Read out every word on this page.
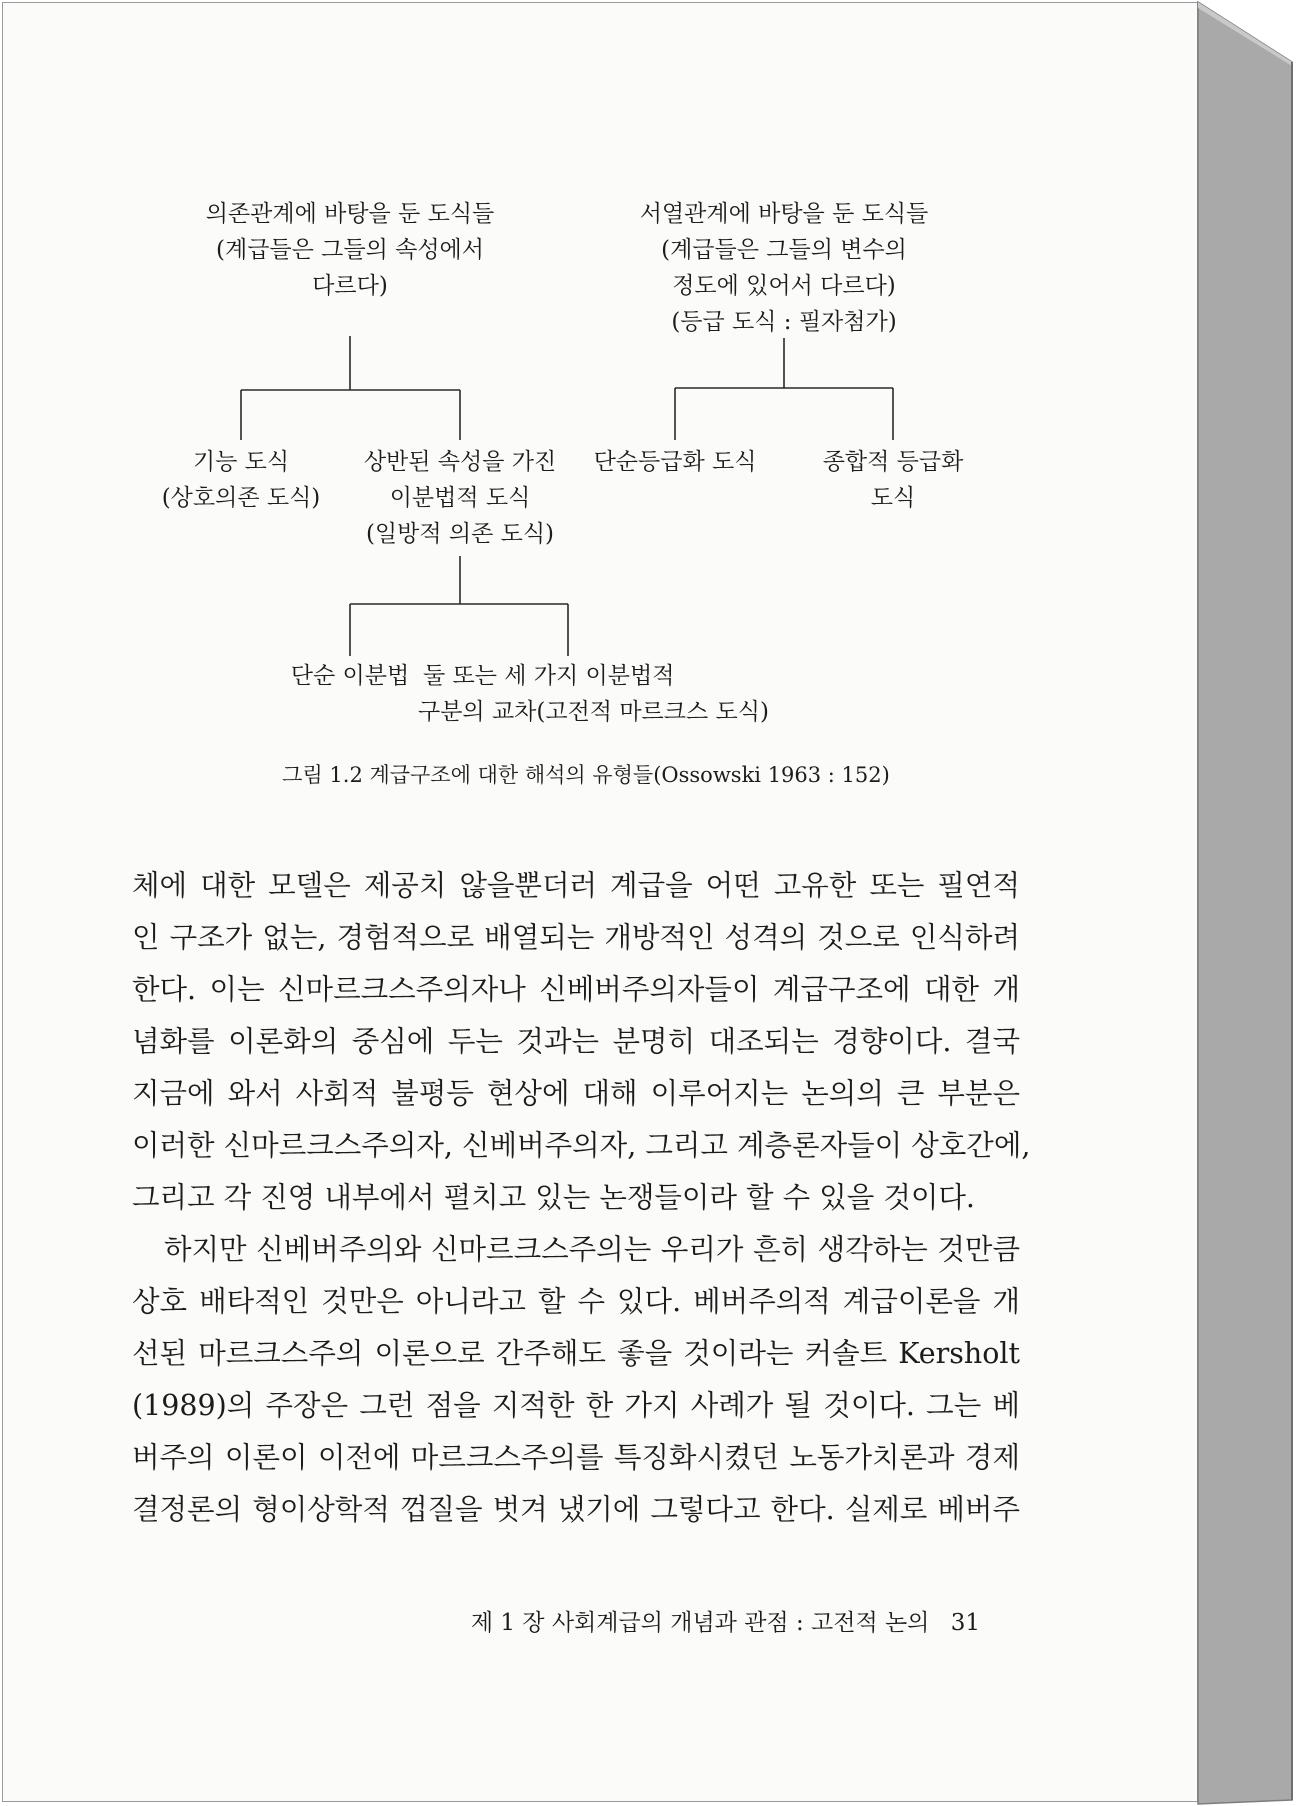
의존관계에 바탕을 둔 도식들
(계급들은 그들의 속성에서
다르다)
서열관계에 바탕을 둔 도식들
(계급들은 그들의 변수의
정도에 있어서 다르다)
(등급 도식 : 필자첨가)
기능 도식
(상호의존 도식)
상반된 속성을 가진
이분법적 도식
(일방적 의존 도식)
단순등급화 도식	종합적 등급화
도식
단순 이분법 둘 또는 세 가지 이분법적
구분의 교차(고전적 마르크스 도식)
그림 1.2 계급구조에 대한 해석의 유형들(Ossowski 1963 : 152)
체에 대한 모델은 제공치 않을뿐더러 계급을 어떤 고유한 또는 필연적
인 구조가 없는, 경험적으로 배열되는 개방적인 성격의 것으로 인식하려
한다. 이는 신마르크스주의자나 신베버주의자들이 계급구조에 대한 개
념화를 이론화의 중심에 두는 것과는 분명히 대조되는 경향이다. 결국
지금에 와서 사회적 불평등 현상에 대해 이루어지는 논의의 큰 부분은
이러한 신마르크스주의자, 신베버주의자, 그리고 계층론자들이 상호간에,
그리고 각 진영 내부에서 펼치고 있는 논쟁들이라 할 수 있을 것이다.
하지만 신베버주의와 신마르크스주의는 우리가 흔히 생각하는 것만큼
상호 배타적인 것만은 아니라고 할 수 있다. 베버주의적 계급이론을 개
선된 마르크스주의 이론으로 간주해도 좋을 것이라는 커솔트 Kersholt
(1989)의 주장은 그런 점을 지적한 한 가지 사례가 될 것이다. 그는 베
버주의 이론이 이전에 마르크스주의를 특징화시켰던 노동가치론과 경제
결정론의 형이상학적 껍질을 벗겨 냈기에 그렇다고 한다. 실제로 베버주
제 1 장 사회계급의 개념과 관점 : 고전적 논의 31
